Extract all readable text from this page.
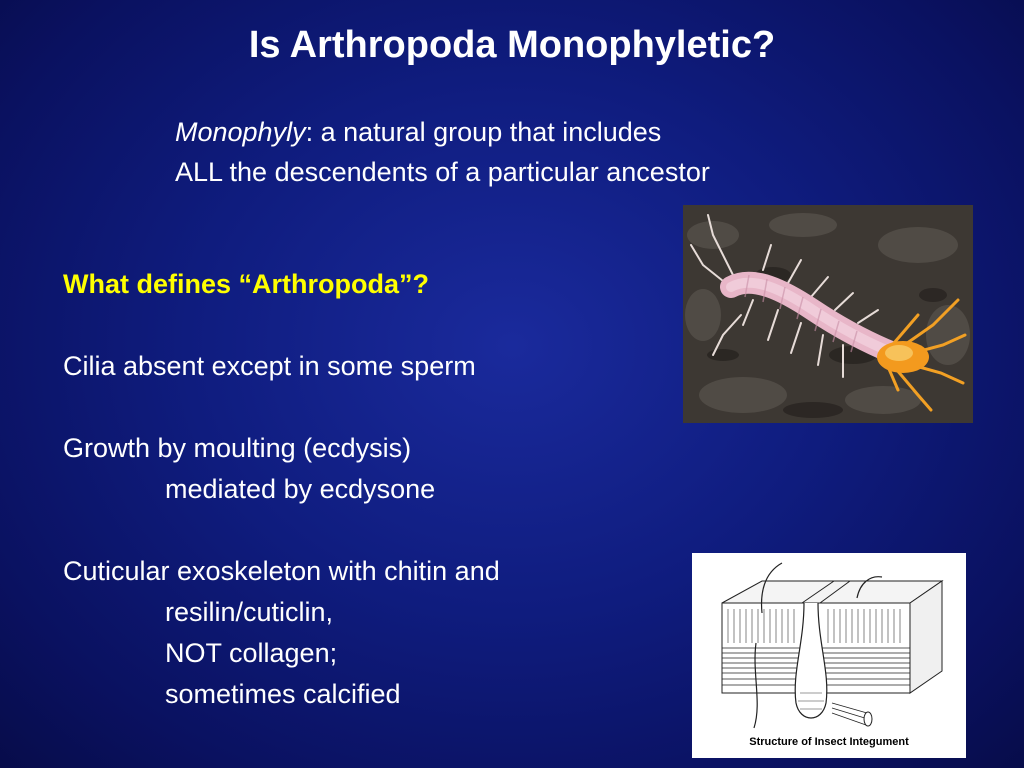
Is Arthropoda Monophyletic?
Monophyly: a natural group that includes
ALL the descendents of a particular ancestor
What defines “Arthropoda”?
Cilia absent except in some sperm
Growth by moulting (ecdysis)
mediated by ecdysone
Cuticular exoskeleton with chitin and
resilin/cuticlin,
NOT collagen;
sometimes calcified
Structure of Insect Integument
